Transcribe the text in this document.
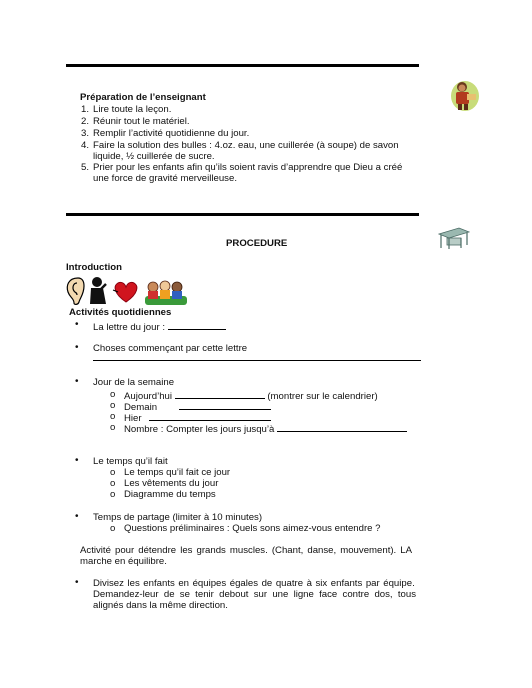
Préparation de l’enseignant
1. Lire toute la leçon.
2. Réunir tout le matériel.
3. Remplir l’activité quotidienne du jour.
4. Faire la solution des bulles : 4.oz. eau, une cuillerée (à soupe) de savon
liquide, ½ cuillerée de sucre.
5. Prier pour les enfants afin qu’ils soient ravis d’apprendre que Dieu a créé
une force de gravité merveilleuse.
PROCEDURE
Introduction
Activités quotidiennes
• La lettre du jour :
• Choses commençant par cette lettre
• Jour de la semaine
o Aujourd’hui	(montrer sur le calendrier)
o Demain
o Hier
o Nombre : Compter les jours jusqu’à
• Le temps qu’il fait
o Le temps qu’il fait ce jour
o Les vêtements du jour
o Diagramme du temps
• Temps de partage (limiter à 10 minutes)
o Questions préliminaires : Quels sons aimez-vous entendre ?
Activité pour détendre les grands muscles. (Chant, danse, mouvement). LA
marche en équilibre.
• Divisez les enfants en équipes égales de quatre à six enfants par équipe.
Demandez-leur de se tenir debout sur une ligne face contre dos, tous
alignés dans la même direction.
